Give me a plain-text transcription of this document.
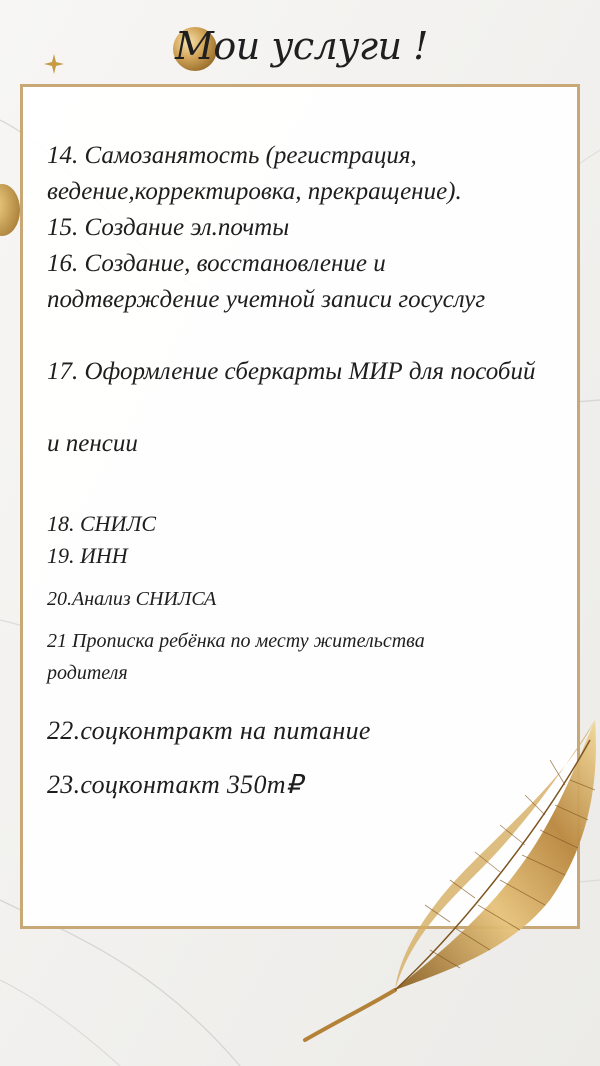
Мои услуги !
14. Самозанятость (регистрация,
ведение,корректировка, прекращение).
15. Создание эл.почты
16. Создание, восстановление и
подтверждение учетной записи госуслуг

17. Оформление сберкарты МИР для пособий

и пенсии

18. СНИЛС
19. ИНН
20.Анализ СНИЛСА
21 Прописка ребёнка по месту жительства
родителя
22.соцконтракт на питание
23.соцконтакт 350т₽
